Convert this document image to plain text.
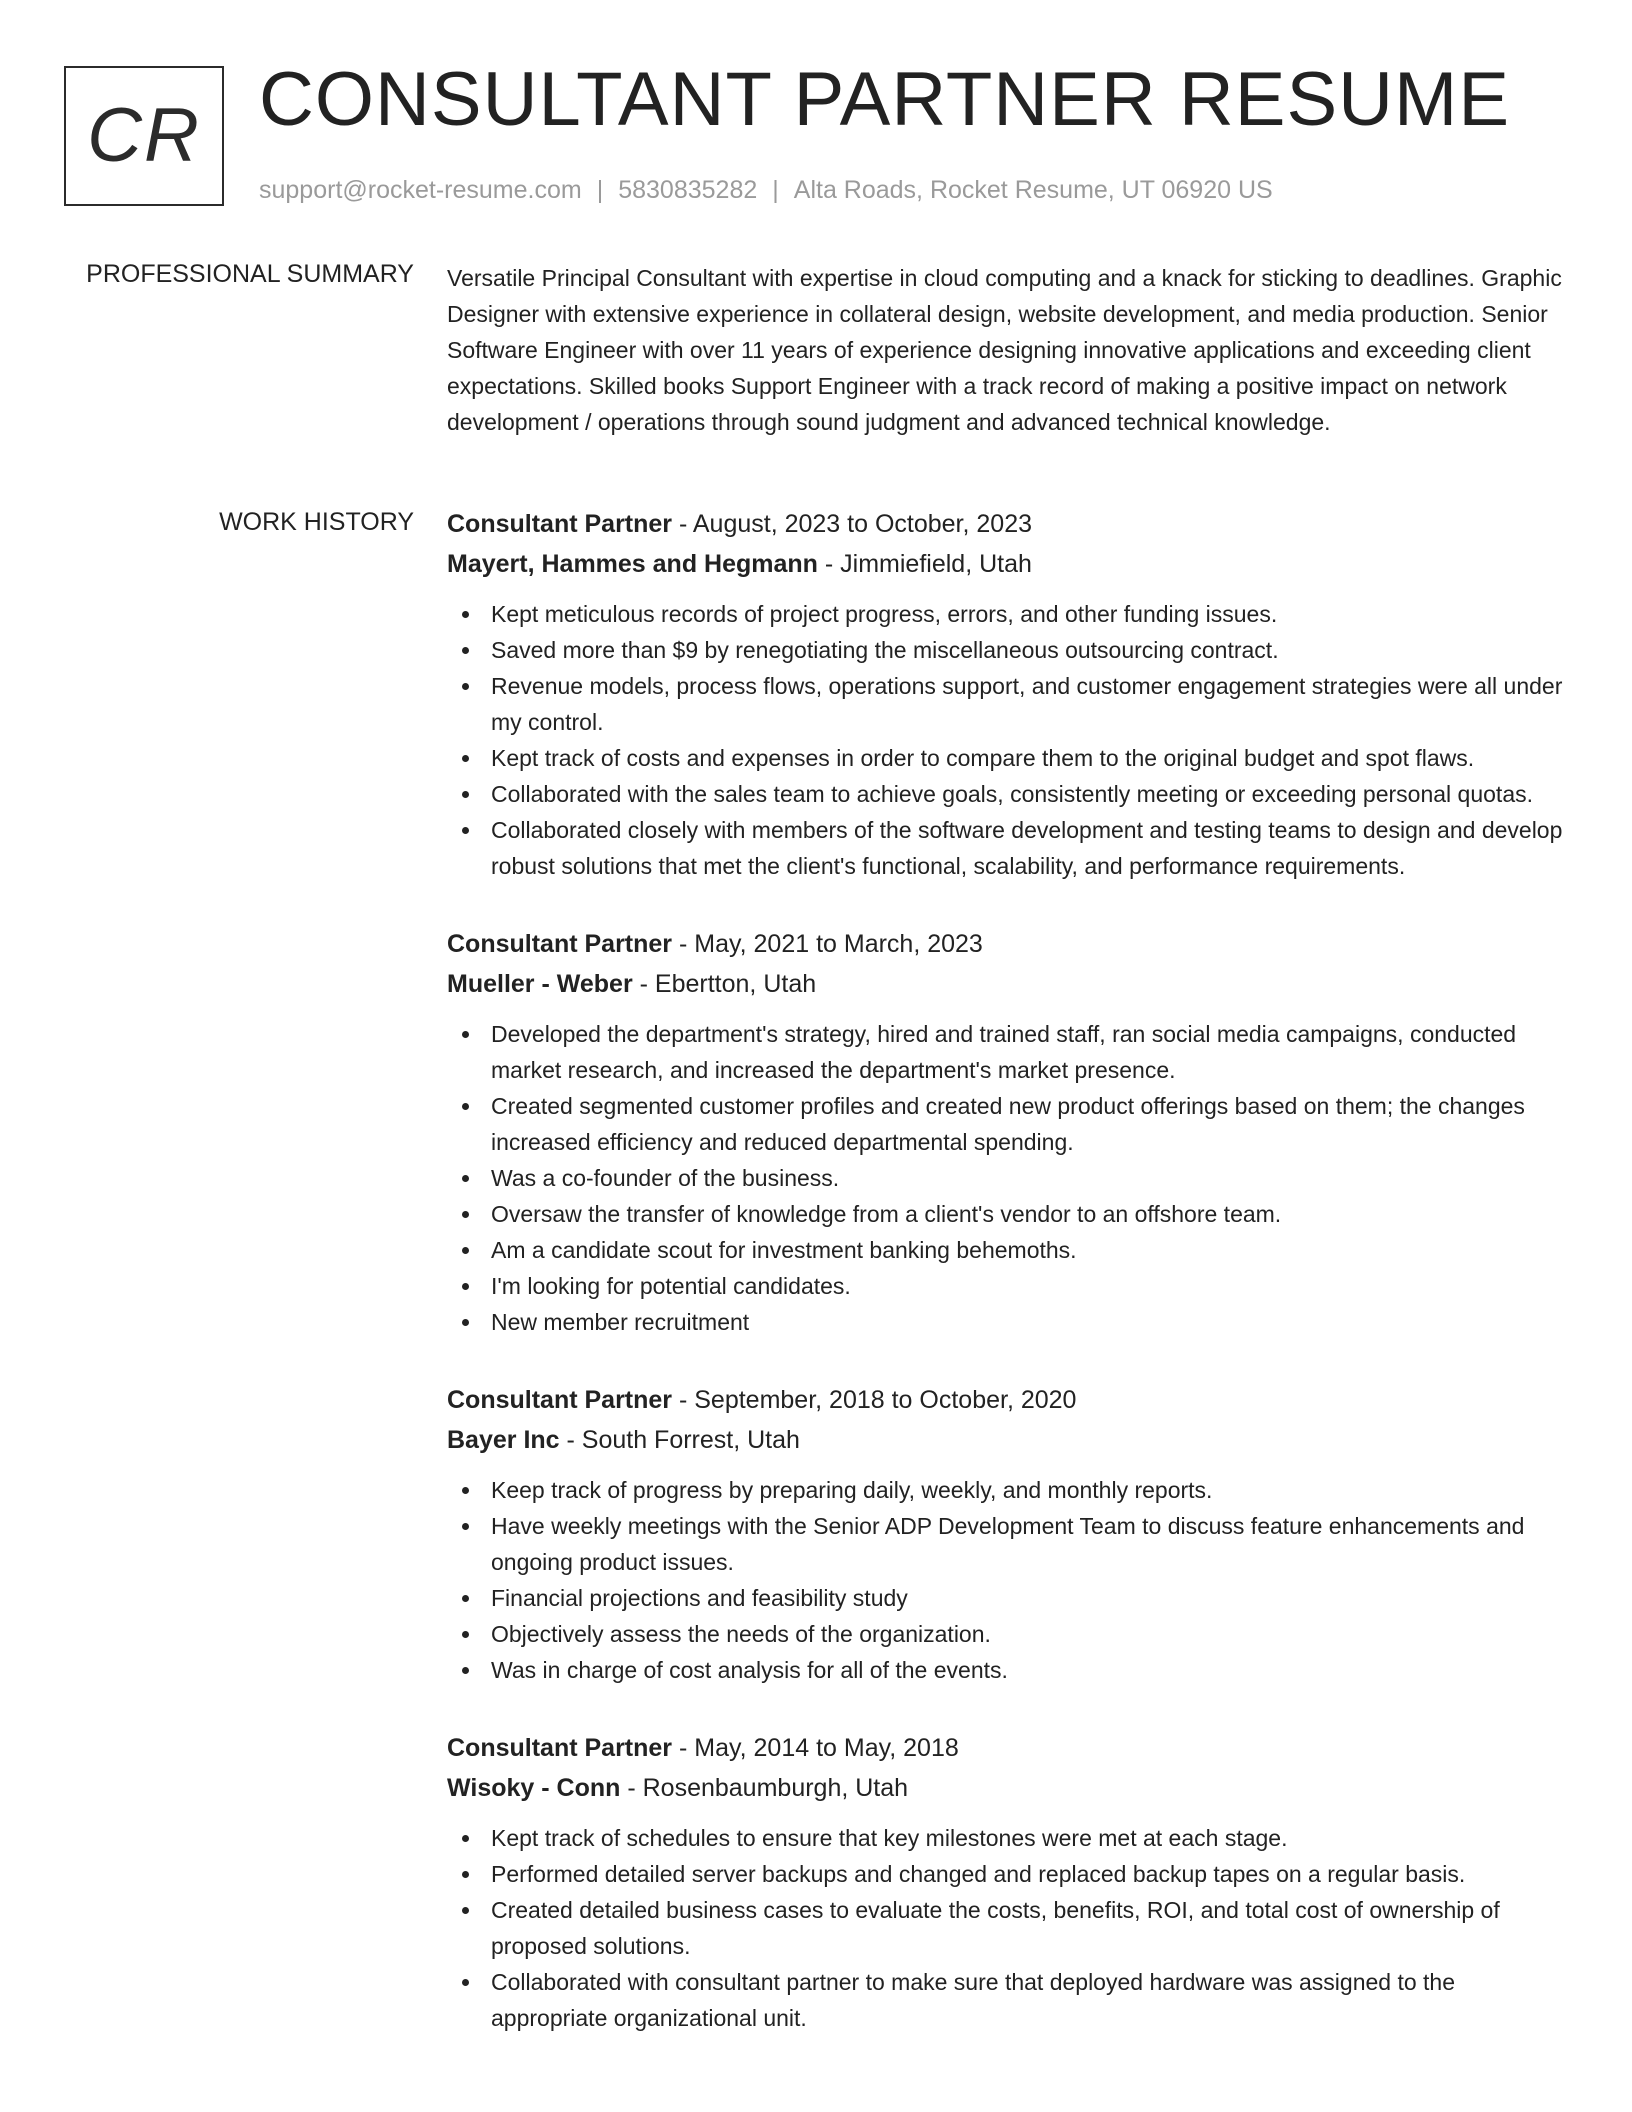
CR CONSULTANT PARTNER RESUME
support@rocket-resume.com | 5830835282 | Alta Roads, Rocket Resume, UT 06920 US
PROFESSIONAL SUMMARY Versatile Principal Consultant with expertise in cloud computing and a knack for sticking to deadlines. Graphic Designer with extensive experience in collateral design, website development, and media production. Senior Software Engineer with over 11 years of experience designing innovative applications and exceeding client expectations. Skilled books Support Engineer with a track record of making a positive impact on network development / operations through sound judgment and advanced technical knowledge.

WORK HISTORY Consultant Partner - August, 2023 to October, 2023
Mayert, Hammes and Hegmann - Jimmiefield, Utah
Kept meticulous records of project progress, errors, and other funding issues.
Saved more than $9 by renegotiating the miscellaneous outsourcing contract.
Revenue models, process flows, operations support, and customer engagement strategies were all under my control.
Kept track of costs and expenses in order to compare them to the original budget and spot flaws.
Collaborated with the sales team to achieve goals, consistently meeting or exceeding personal quotas.
Collaborated closely with members of the software development and testing teams to design and develop robust solutions that met the client's functional, scalability, and performance requirements.
Consultant Partner - May, 2021 to March, 2023
Mueller - Weber - Ebertton, Utah
Developed the department's strategy, hired and trained staff, ran social media campaigns, conducted market research, and increased the department's market presence.
Created segmented customer profiles and created new product offerings based on them; the changes increased efficiency and reduced departmental spending.
Was a co-founder of the business.
Oversaw the transfer of knowledge from a client's vendor to an offshore team.
Am a candidate scout for investment banking behemoths.
I'm looking for potential candidates.
New member recruitment
Consultant Partner - September, 2018 to October, 2020
Bayer Inc - South Forrest, Utah
Keep track of progress by preparing daily, weekly, and monthly reports.
Have weekly meetings with the Senior ADP Development Team to discuss feature enhancements and ongoing product issues.
Financial projections and feasibility study
Objectively assess the needs of the organization.
Was in charge of cost analysis for all of the events.
Consultant Partner - May, 2014 to May, 2018
Wisoky - Conn - Rosenbaumburgh, Utah
Kept track of schedules to ensure that key milestones were met at each stage.
Performed detailed server backups and changed and replaced backup tapes on a regular basis.
Created detailed business cases to evaluate the costs, benefits, ROI, and total cost of ownership of proposed solutions.
Collaborated with consultant partner to make sure that deployed hardware was assigned to the appropriate organizational unit.
